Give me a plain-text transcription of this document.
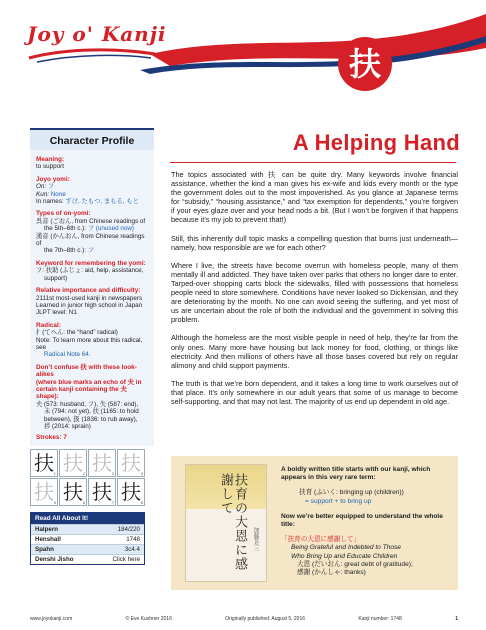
Joy o' Kanji
扶
Character Profile
Meaning:
to support
Joyo yomi:
On: フ
Kun: None
In names: すけ, たもつ, まもる, もと
Types of on-yomi:
呉音 (ごおん, from Chinese readings of
the 5th–6th c.): フ (unused now)
漢音 (かんおん, from Chinese readings of
the 7th–8th c.): フ
Keyword for remembering the yomi:
フ: 扶助 (ふじょ: aid, help, assistance,
support)
Relative importance and difficulty:
2111st most-used kanji in newspapers
Learned in junior high school in Japan
JLPT level: N1
Radical:
扌(てへん: the “hand” radical)
Note: To learn more about this radical, see
Radical Note 64.
Don’t confuse 扶 with these look-alikes
(where blue marks an echo of 夫 in
certain kanji containing the 夫 shape):
夫 (573: husband, フ), 失 (587: end),
未 (794: not yet), 扶 (1165: to hold
between), 扱 (1836: to rub away),
捗 (2014: sprain)
Strokes: 7
扶 1 扶 2 扶 3 扶 4
扶 5 扶 6 扶 7 扶 8
Read All About It!
Halpern	184/220
Henshall	1748
Spahn	3c4.4
Denshi Jisho	Click here
A Helping Hand

The topics associated with 扶 can be quite dry. Many keywords involve financial assistance, whether the kind a man gives his ex-wife and kids every month or the type the government doles out to the most impoverished. As you glance at Japanese terms for “subsidy,” “housing assistance,” and “tax exemption for dependents,” you’re forgiven if your eyes glaze over and your head nods a bit. (But I won’t be forgiven if that happens because it’s my job to prevent that!)

Still, this inherently dull topic masks a compelling question that burns just underneath—namely, how responsible are we for each other?

Where I live, the streets have become overrun with homeless people, many of them mentally ill and addicted. They have taken over parks that others no longer dare to enter. Tarped-over shopping carts block the sidewalks, filled with possessions that homeless people need to store somewhere. Conditions have never looked so Dickensian, and they are deteriorating by the month. No one can avoid seeing the suffering, and yet most of us are uncertain about the role of both the individual and the government in solving this problem.

Although the homeless are the most visible people in need of help, they’re far from the only ones. Many more have housing but lack money for food, clothing, or things like electricity. And then millions of others have all those bases covered but rely on regular alimony and child support payments.

The truth is that we’re born dependent, and it takes a long time to work ourselves out of that place. It’s only somewhere in our adult years that some of us manage to become self-supporting, and that may not last. The majority of us end up dependent in old age.

扶育の大恩に感謝して
加藤芳三
A boldly written title starts with our kanji, which appears in this very rare term:
扶育 (ふいく: bringing up (children))
= support + to bring up
Now we’re better equipped to understand the whole title:
「扶育の大恩に感謝して」
Being Grateful and Indebted to Those
Who Bring Up and Educate Children
大恩 (だいおん: great debt of gratitude);
感謝 (かんしゃ: thanks)
www.joyokanji.com	© Eve Kushner 2016	Originally published: August 5, 2016	Kanji number: 1748	1
